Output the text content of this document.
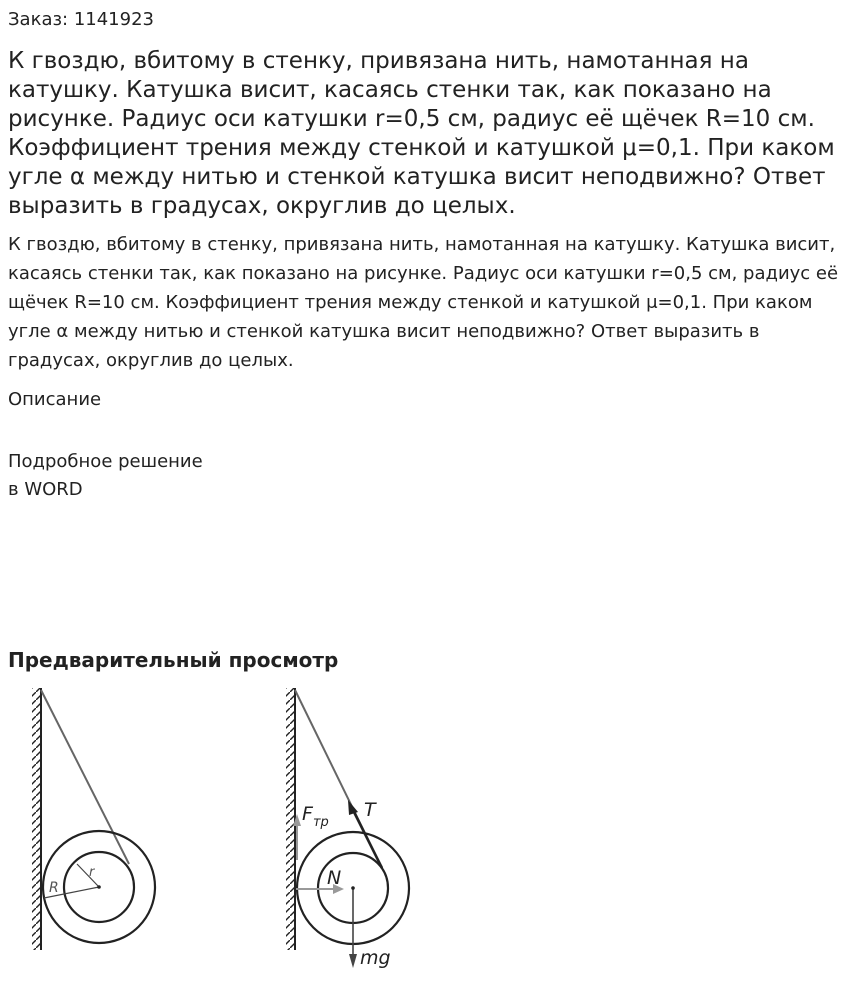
Заказ: 1141923
К гвоздю, вбитому в стенку, привязана нить, намотанная на катушку. Катушка висит, касаясь стенки так, как показано на рисунке. Радиус оси катушки r=0,5 см, радиус её щёчек R=10 см. Коэффициент трения между стенкой и катушкой μ=0,1. При каком угле α между нитью и стенкой катушка висит неподвижно? Ответ выразить в градусах, округлив до целых.

К гвоздю, вбитому в стенку, привязана нить, намотанная на катушку. Катушка висит, касаясь стенки так, как показано на рисунке. Радиус оси катушки r=0,5 см, радиус её щёчек R=10 см. Коэффициент трения между стенкой и катушкой μ=0,1. При каком угле α между нитью и стенкой катушка висит неподвижно? Ответ выразить в градусах, округлив до целых.

Описание
Подробное решение
в WORD
Предварительный просмотр
R
r
T
$F_{тр}$
N
mg
